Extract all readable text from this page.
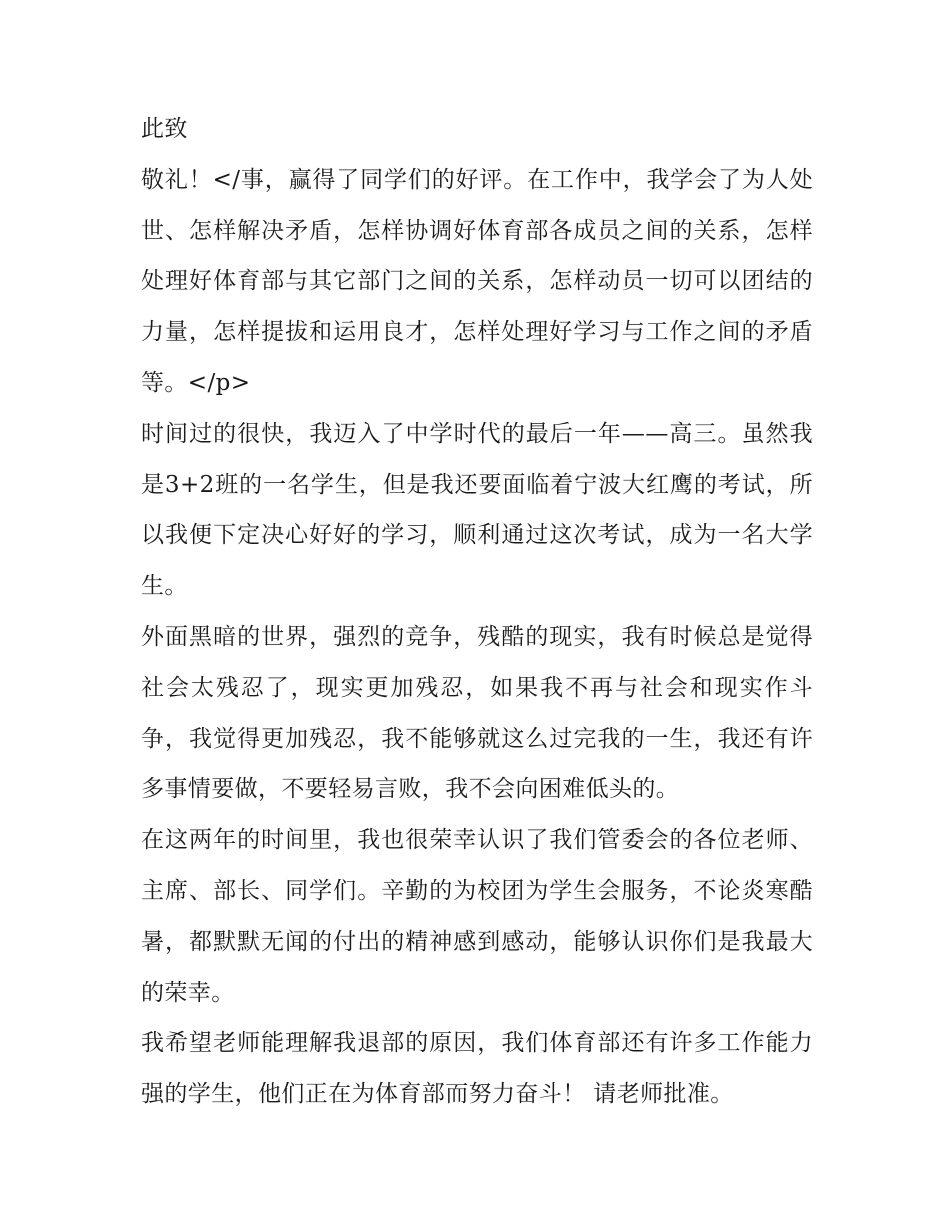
此致

敬礼！</事，赢得了同学们的好评。在工作中，我学会了为人处世、怎样解决矛盾，怎样协调好体育部各成员之间的关系，怎样处理好体育部与其它部门之间的关系，怎样动员一切可以团结的力量，怎样提拔和运用良才，怎样处理好学习与工作之间的矛盾等。</p>

时间过的很快，我迈入了中学时代的最后一年——高三。虽然我是3+2班的一名学生，但是我还要面临着宁波大红鹰的考试，所以我便下定决心好好的学习，顺利通过这次考试，成为一名大学生。

外面黑暗的世界，强烈的竞争，残酷的现实，我有时候总是觉得社会太残忍了，现实更加残忍，如果我不再与社会和现实作斗争，我觉得更加残忍，我不能够就这么过完我的一生，我还有许多事情要做，不要轻易言败，我不会向困难低头的。

在这两年的时间里，我也很荣幸认识了我们管委会的各位老师、主席、部长、同学们。辛勤的为校团为学生会服务，不论炎寒酷暑，都默默无闻的付出的精神感到感动，能够认识你们是我最大的荣幸。

我希望老师能理解我退部的原因，我们体育部还有许多工作能力强的学生，他们正在为体育部而努力奋斗！ 请老师批准。
